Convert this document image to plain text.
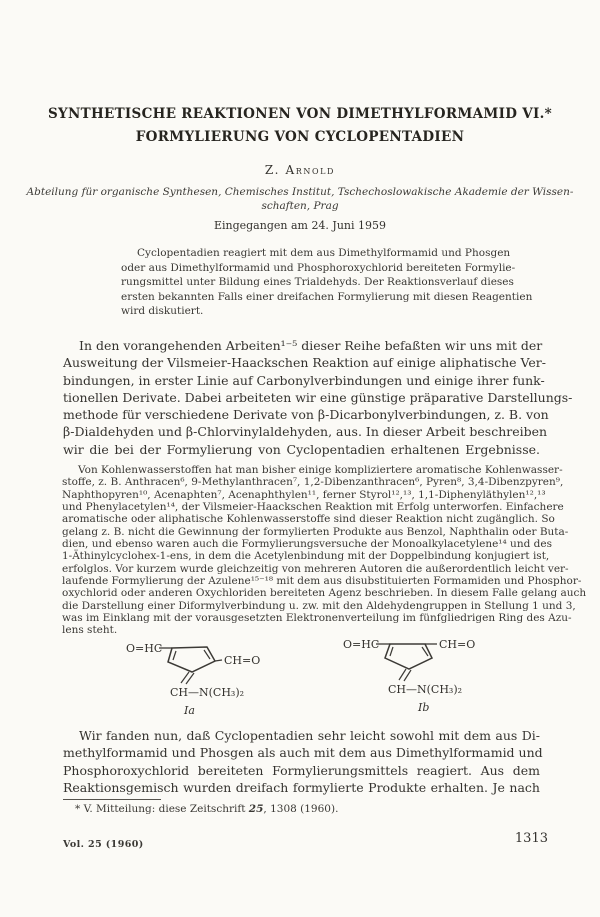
SYNTHETISCHE REAKTIONEN VON DIMETHYLFORMAMID VI.*
FORMYLIERUNG VON CYCLOPENTADIEN
Z. Arnold
Abteilung für organische Synthesen, Chemisches Institut, Tschechoslowakische Akademie der Wissen-
schaften, Prag
Eingegangen am 24. Juni 1959
Cyclopentadien reagiert mit dem aus Dimethylformamid und Phosgen
oder aus Dimethylformamid und Phosphoroxychlorid bereiteten Formylie-
rungsmittel unter Bildung eines Trialdehyds. Der Reaktionsverlauf dieses
ersten bekannten Falls einer dreifachen Formylierung mit diesen Reagentien
wird diskutiert.
In den vorangehenden Arbeiten¹⁻⁵ dieser Reihe befaßten wir uns mit der
Ausweitung der Vilsmeier-Haackschen Reaktion auf einige aliphatische Ver-
bindungen, in erster Linie auf Carbonylverbindungen und einige ihrer funk-
tionellen Derivate. Dabei arbeiteten wir eine günstige präparative Darstellungs-
methode für verschiedene Derivate von β-Dicarbonylverbindungen, z. B. von
β-Dialdehyden und β-Chlorvinylaldehyden, aus. In dieser Arbeit beschreiben
wir die bei der Formylierung von Cyclopentadien erhaltenen Ergebnisse.
Von Kohlenwasserstoffen hat man bisher einige kompliziertere aromatische Kohlenwasser-
stoffe, z. B. Anthracen⁶, 9-Methylanthracen⁷, 1,2-Dibenzanthracen⁶, Pyren⁸, 3,4-Dibenzpyren⁹,
Naphthopyren¹⁰, Acenaphten⁷, Acenaphthylen¹¹, ferner Styrol¹²,¹³, 1,1-Diphenyläthylen¹²,¹³
und Phenylacetylen¹⁴, der Vilsmeier-Haackschen Reaktion mit Erfolg unterworfen. Einfachere
aromatische oder aliphatische Kohlenwasserstoffe sind dieser Reaktion nicht zugänglich. So
gelang z. B. nicht die Gewinnung der formylierten Produkte aus Benzol, Naphthalin oder Buta-
dien, und ebenso waren auch die Formylierungsversuche der Monoalkylacetylene¹⁴ und des
1-Äthinylcyclohex-1-ens, in dem die Acetylenbindung mit der Doppelbindung konjugiert ist,
erfolglos. Vor kurzem wurde gleichzeitig von mehreren Autoren die außerordentlich leicht ver-
laufende Formylierung der Azulene¹⁵⁻¹⁸ mit dem aus disubstituierten Formamiden und Phosphor-
oxychlorid oder anderen Oxychloriden bereiteten Agenz beschrieben. In diesem Falle gelang auch
die Darstellung einer Diformylverbindung u. zw. mit den Aldehydengruppen in Stellung 1 und 3,
was im Einklang mit der vorausgesetzten Elektronenverteilung im fünfgliedrigen Ring des Azu-
lens steht.
O=HC
CH=O
CH—N(CH₃)₂
Ia
O=HC	CH=O
CH—N(CH₃)₂
Ib
Wir fanden nun, daß Cyclopentadien sehr leicht sowohl mit dem aus Di-
methylformamid und Phosgen als auch mit dem aus Dimethylformamid und
Phosphoroxychlorid bereiteten Formylierungsmittels reagiert. Aus dem
Reaktionsgemisch wurden dreifach formylierte Produkte erhalten. Je nach
* V. Mitteilung: diese Zeitschrift 25, 1308 (1960).
Vol. 25 (1960)	1313
